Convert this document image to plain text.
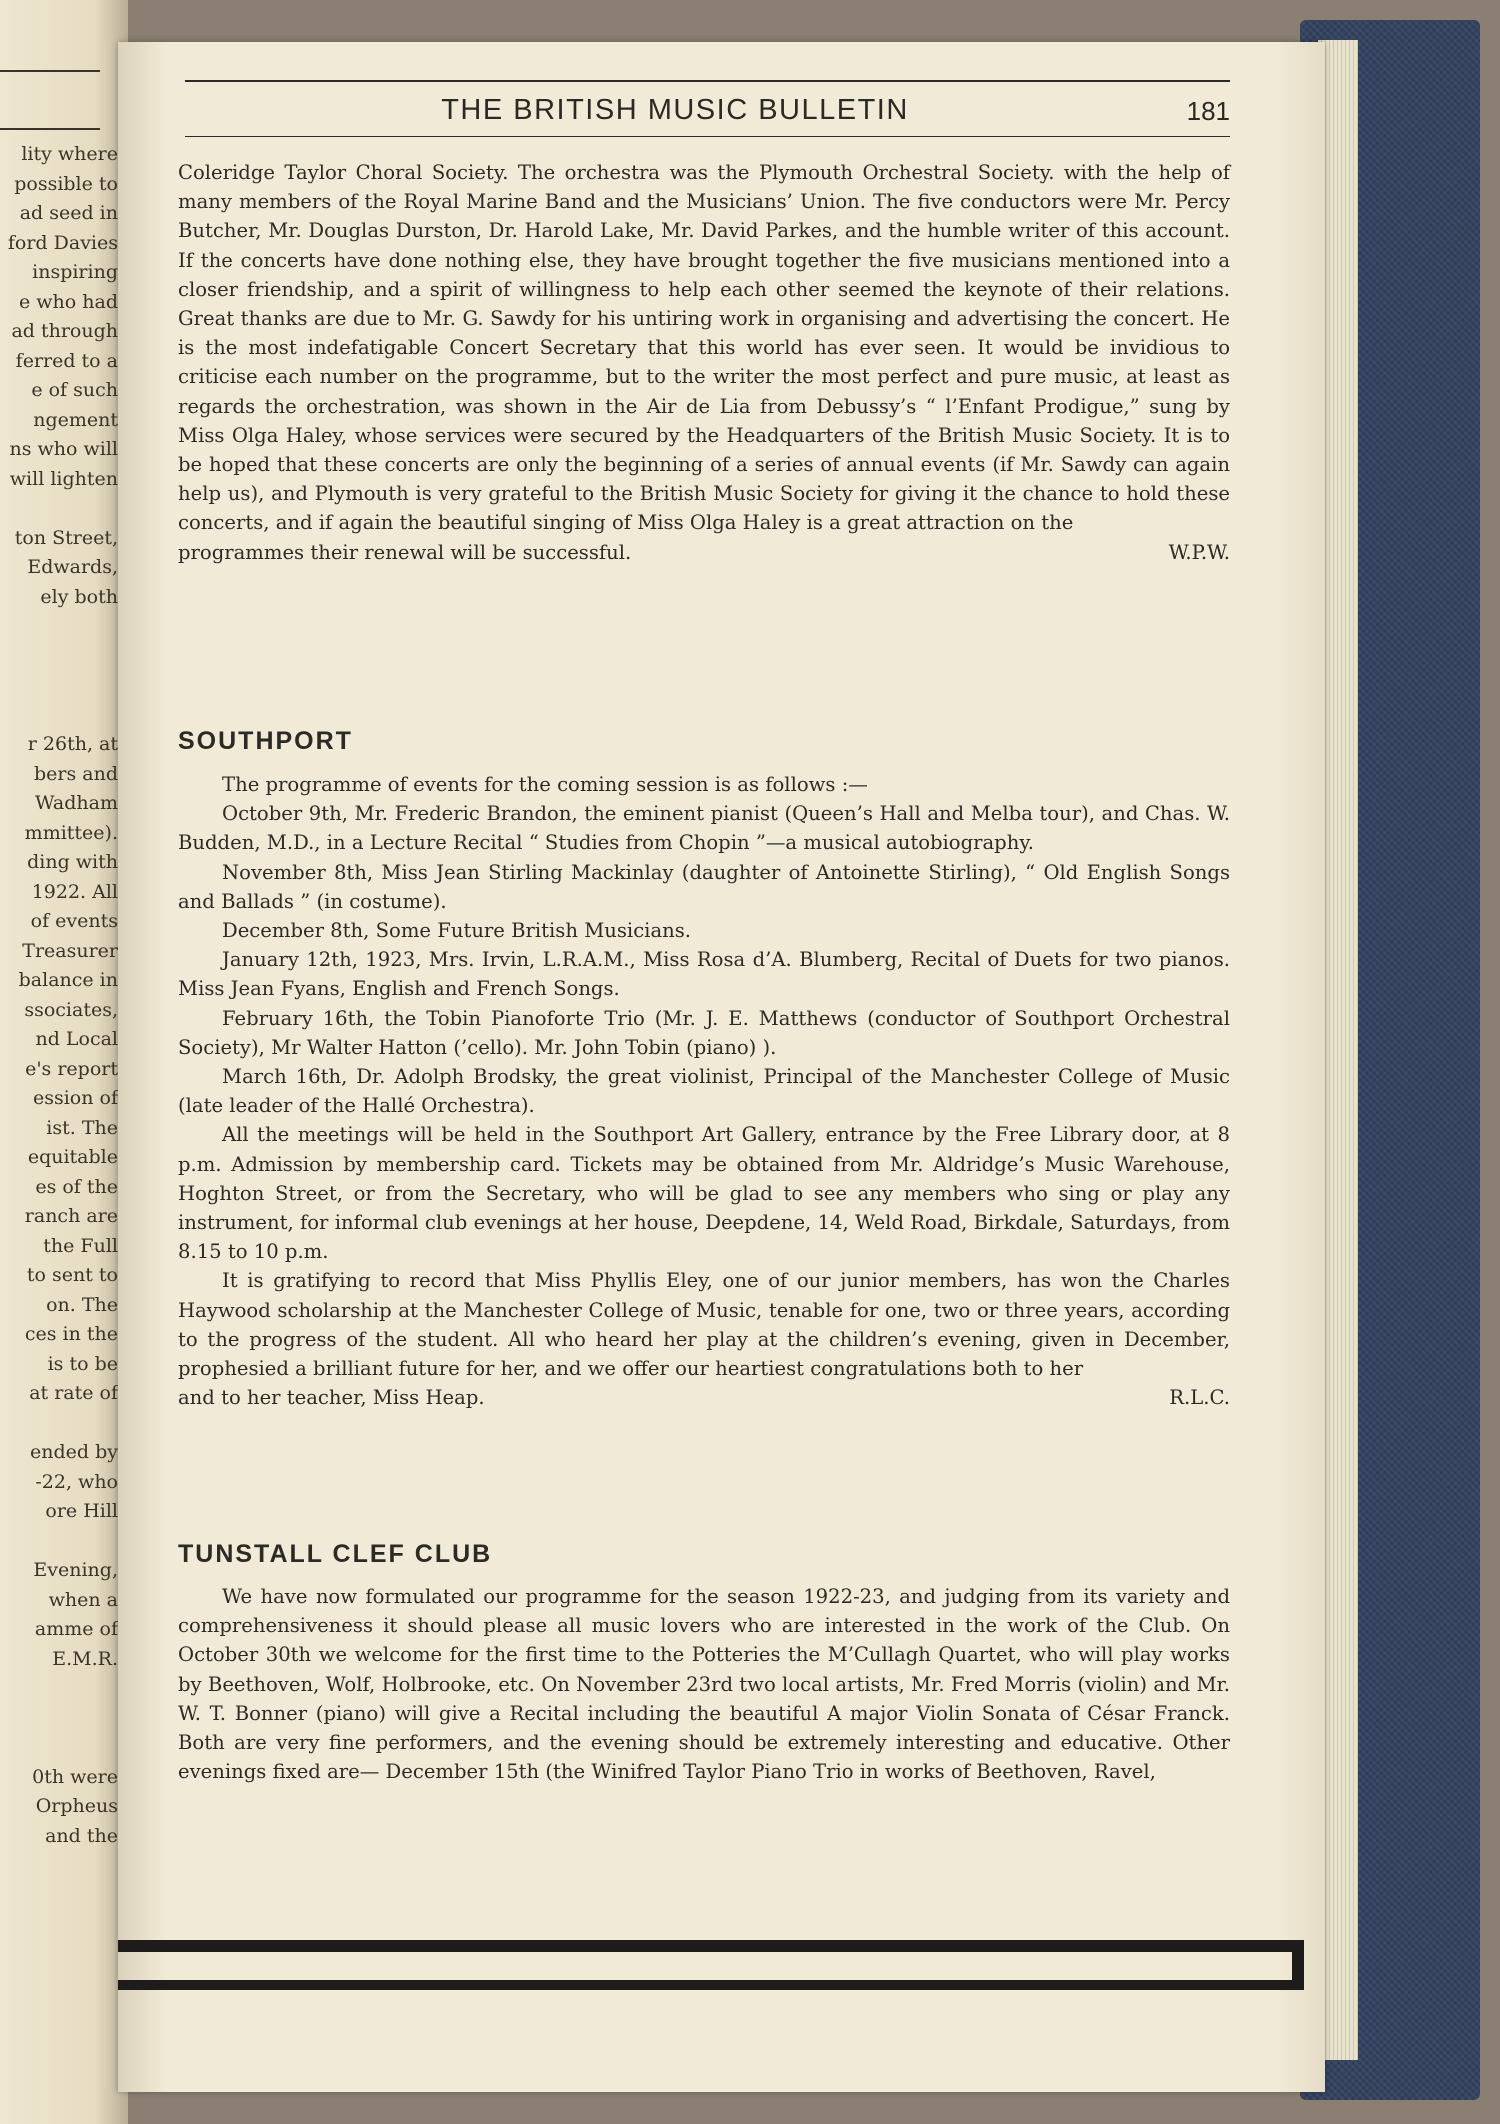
lity where
possible to
ad seed in
ford Davies
inspiring
e who had
ad through
ferred to a
e of such
ngement
ns who will
will lighten
ton Street,
Edwards,
ely both
r 26th, at
bers and
Wadham
mmittee).
ding with
1922. All
of events
Treasurer
balance in
ssociates,
nd Local
e's report
ession of
ist. The
equitable
es of the
ranch are
the Full
to sent to
on. The
ces in the
is to be
at rate of
ended by
-22, who
ore Hill
Evening,
when a
amme of
E.M.R.
0th were
Orpheus
and the
THE BRITISH MUSIC BULLETIN	181

Coleridge Taylor Choral Society. The orchestra was the Plymouth Orchestral Society. with the help of many members of the Royal Marine Band and the Musicians’ Union. The five conductors were Mr. Percy Butcher, Mr. Douglas Durston, Dr. Harold Lake, Mr. David Parkes, and the humble writer of this account. If the concerts have done nothing else, they have brought together the five musicians mentioned into a closer friendship, and a spirit of willingness to help each other seemed the keynote of their relations. Great thanks are due to Mr. G. Sawdy for his untiring work in organising and advertising the concert. He is the most indefatigable Concert Secretary that this world has ever seen. It would be invidious to criticise each number on the programme, but to the writer the most perfect and pure music, at least as regards the orchestration, was shown in the Air de Lia from Debussy’s “ l’Enfant Prodigue,” sung by Miss Olga Haley, whose services were secured by the Headquarters of the British Music Society. It is to be hoped that these concerts are only the beginning of a series of annual events (if Mr. Sawdy can again help us), and Plymouth is very grateful to the British Music Society for giving it the chance to hold these concerts, and if again the beautiful singing of Miss Olga Haley is a great attraction on the

programmes their renewal will be successful.	W.P.W.
SOUTHPORT

The programme of events for the coming session is as follows :—

October 9th, Mr. Frederic Brandon, the eminent pianist (Queen’s Hall and Melba tour), and Chas. W. Budden, M.D., in a Lecture Recital “ Studies from Chopin ”—a musical autobiography.

November 8th, Miss Jean Stirling Mackinlay (daughter of Antoinette Stirling), “ Old English Songs and Ballads ” (in costume).

December 8th, Some Future British Musicians.

January 12th, 1923, Mrs. Irvin, L.R.A.M., Miss Rosa d’A. Blumberg, Recital of Duets for two pianos. Miss Jean Fyans, English and French Songs.

February 16th, the Tobin Pianoforte Trio (Mr. J. E. Matthews (conductor of Southport Orchestral Society), Mr Walter Hatton (’cello). Mr. John Tobin (piano) ).

March 16th, Dr. Adolph Brodsky, the great violinist, Principal of the Manchester College of Music (late leader of the Hallé Orchestra).

All the meetings will be held in the Southport Art Gallery, entrance by the Free Library door, at 8 p.m. Admission by membership card. Tickets may be obtained from Mr. Aldridge’s Music Warehouse, Hoghton Street, or from the Secretary, who will be glad to see any members who sing or play any instrument, for informal club evenings at her house, Deepdene, 14, Weld Road, Birkdale, Saturdays, from 8.15 to 10 p.m.

It is gratifying to record that Miss Phyllis Eley, one of our junior members, has won the Charles Haywood scholarship at the Manchester College of Music, tenable for one, two or three years, according to the progress of the student. All who heard her play at the children’s evening, given in December, prophesied a brilliant future for her, and we offer our heartiest congratulations both to her

and to her teacher, Miss Heap.	R.L.C.
TUNSTALL CLEF CLUB

We have now formulated our programme for the season 1922-23, and judging from its variety and comprehensiveness it should please all music lovers who are interested in the work of the Club. On October 30th we welcome for the first time to the Potteries the M’Cullagh Quartet, who will play works by Beethoven, Wolf, Holbrooke, etc. On November 23rd two local artists, Mr. Fred Morris (violin) and Mr. W. T. Bonner (piano) will give a Recital including the beautiful A major Violin Sonata of César Franck. Both are very fine performers, and the evening should be extremely interesting and educative. Other evenings fixed are— December 15th (the Winifred Taylor Piano Trio in works of Beethoven, Ravel,
